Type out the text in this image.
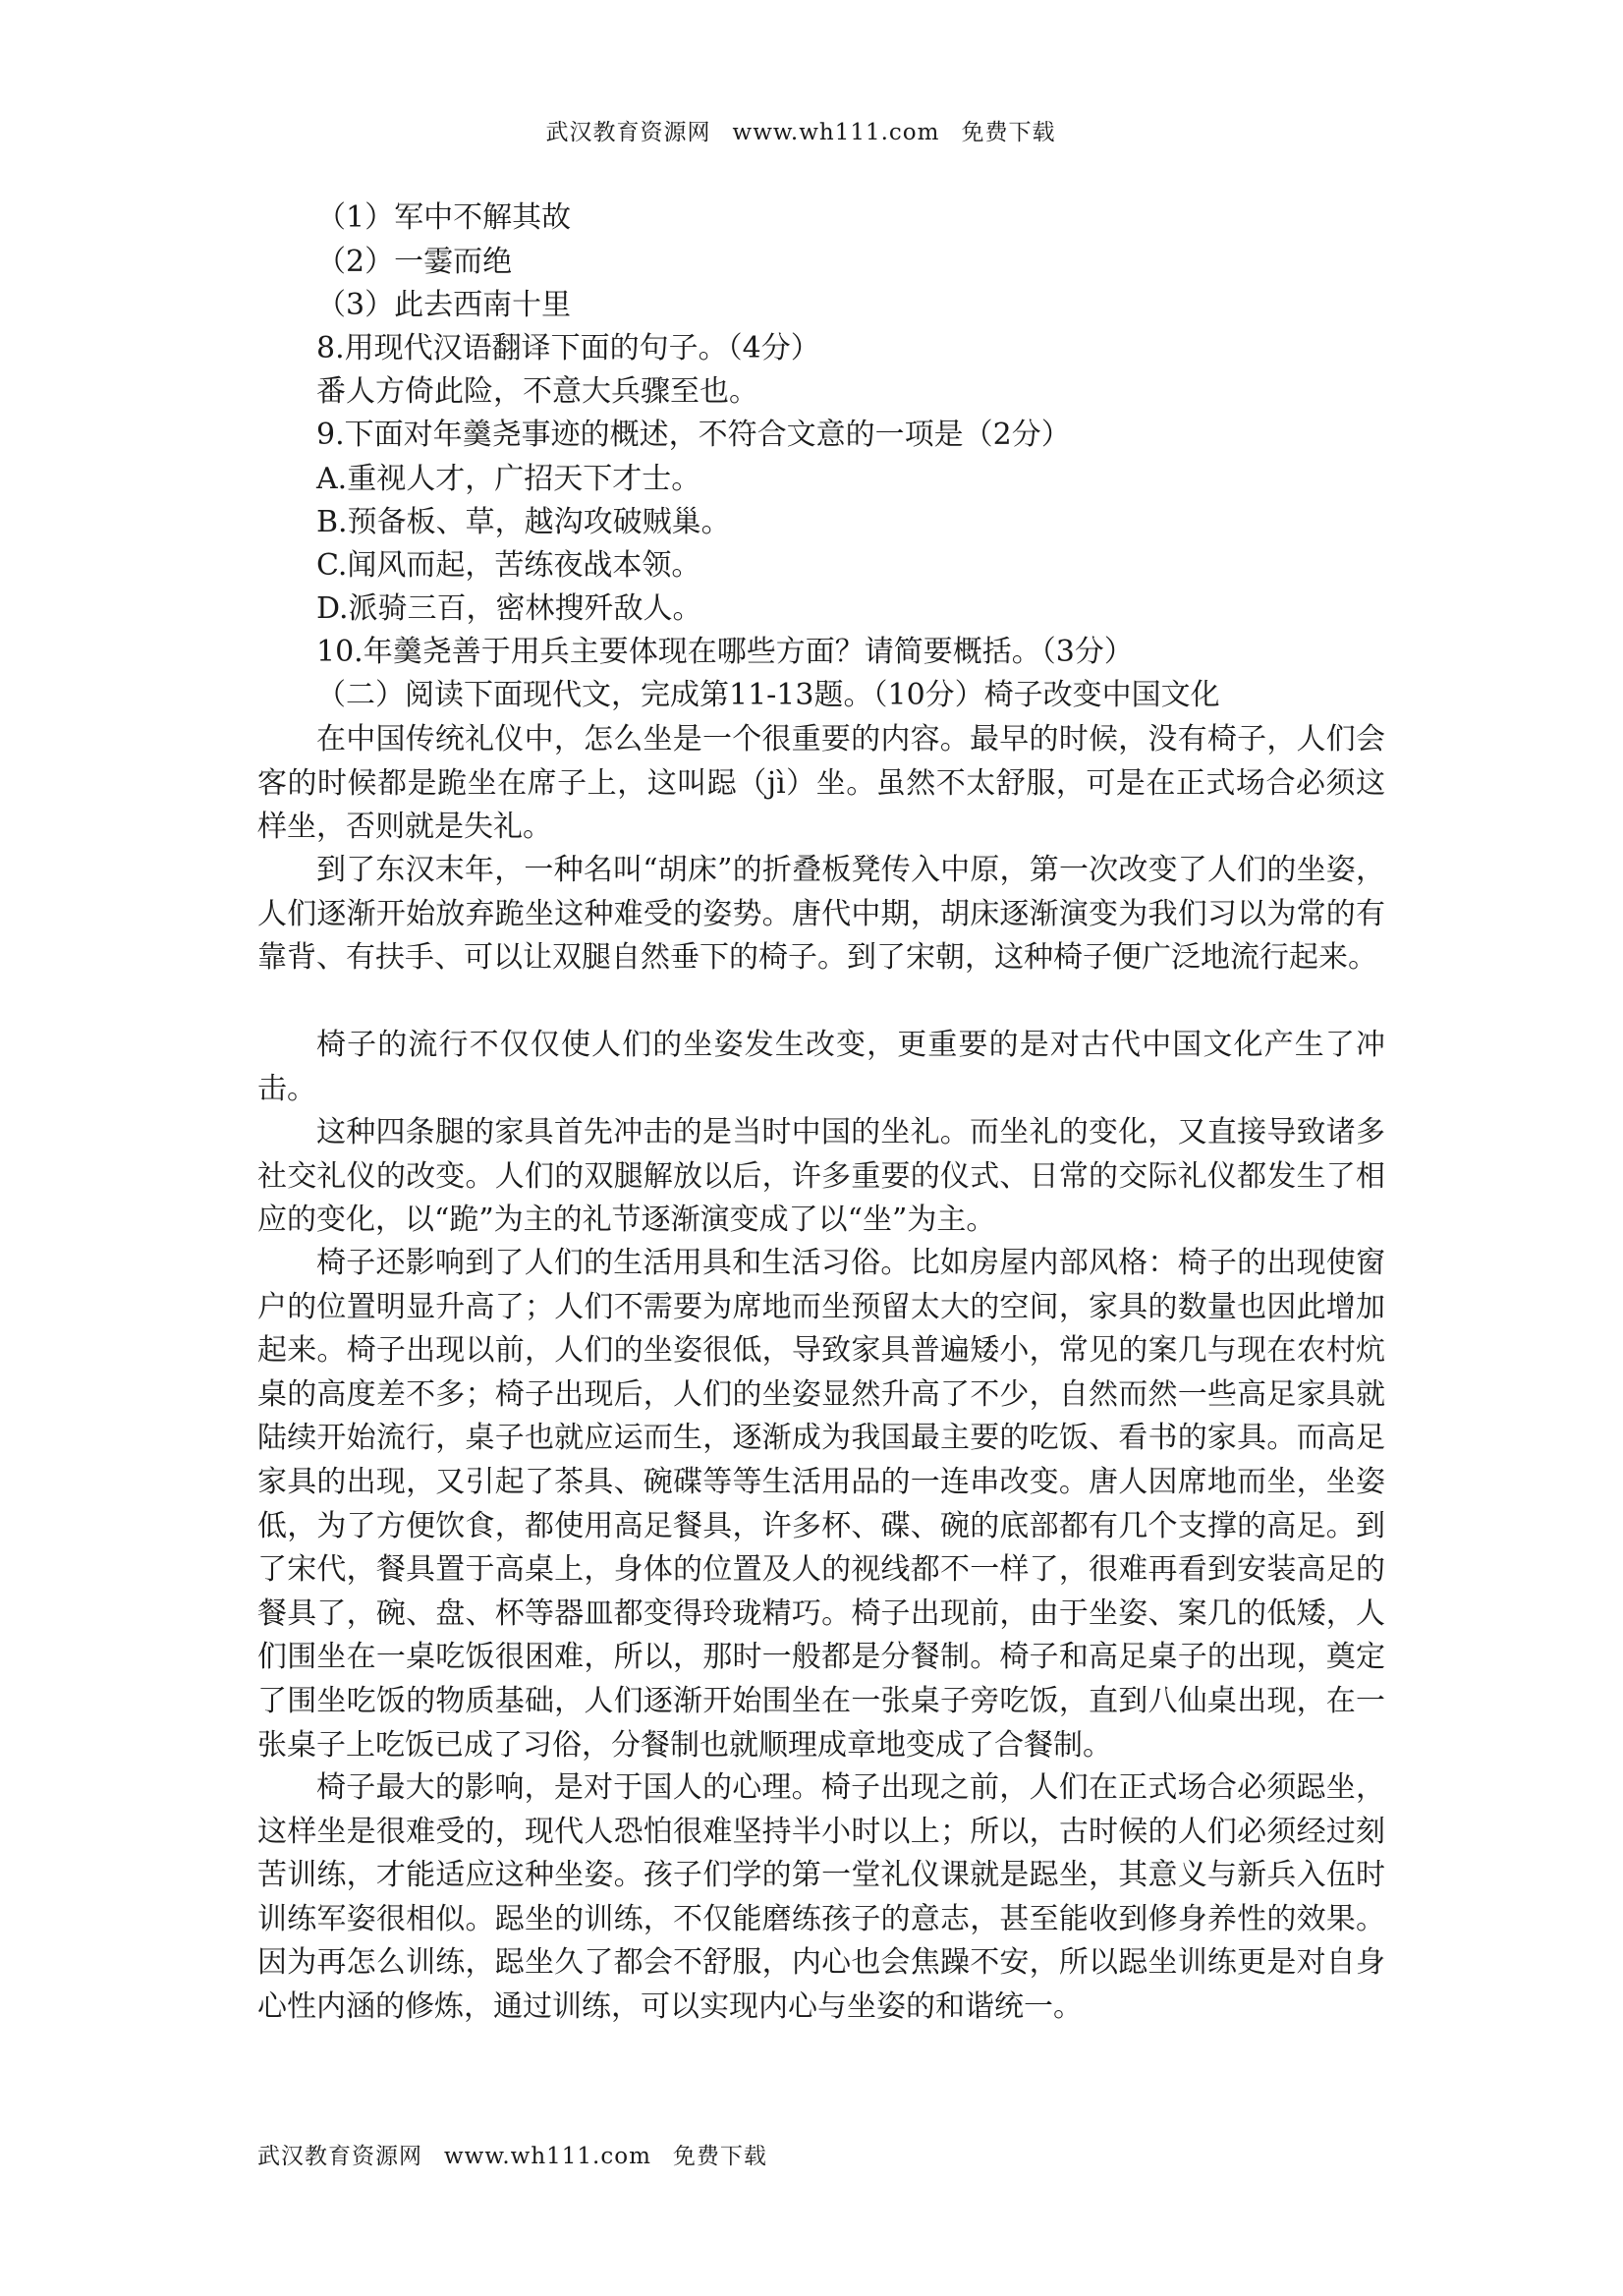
武汉教育资源网 www.wh111.com 免费下载
（1）军中不解其故
（2）一霎而绝
（3）此去西南十里
8.用现代汉语翻译下面的句子。（4分）
番人方倚此险，不意大兵骤至也。
9.下面对年羹尧事迹的概述，不符合文意的一项是（2分）
A.重视人才，广招天下才士。
B.预备板、草，越沟攻破贼巢。
C.闻风而起，苦练夜战本领。
D.派骑三百，密林搜歼敌人。
10.年羹尧善于用兵主要体现在哪些方面？请简要概括。（3分）
（二）阅读下面现代文，完成第11-13题。（10分）椅子改变中国文化
在中国传统礼仪中，怎么坐是一个很重要的内容。最早的时候，没有椅子，人们会客的时候都是跪坐在席子上，这叫跽（jì）坐。虽然不太舒服，可是在正式场合必须这样坐，否则就是失礼。
到了东汉末年，一种名叫“胡床”的折叠板凳传入中原，第一次改变了人们的坐姿，人们逐渐开始放弃跪坐这种难受的姿势。唐代中期，胡床逐渐演变为我们习以为常的有靠背、有扶手、可以让双腿自然垂下的椅子。到了宋朝，这种椅子便广泛地流行起来。
椅子的流行不仅仅使人们的坐姿发生改变，更重要的是对古代中国文化产生了冲击。
这种四条腿的家具首先冲击的是当时中国的坐礼。而坐礼的变化，又直接导致诸多社交礼仪的改变。人们的双腿解放以后，许多重要的仪式、日常的交际礼仪都发生了相应的变化，以“跪”为主的礼节逐渐演变成了以“坐”为主。
椅子还影响到了人们的生活用具和生活习俗。比如房屋内部风格：椅子的出现使窗户的位置明显升高了；人们不需要为席地而坐预留太大的空间，家具的数量也因此增加起来。椅子出现以前，人们的坐姿很低，导致家具普遍矮小，常见的案几与现在农村炕桌的高度差不多；椅子出现后，人们的坐姿显然升高了不少，自然而然一些高足家具就陆续开始流行，桌子也就应运而生，逐渐成为我国最主要的吃饭、看书的家具。而高足家具的出现，又引起了茶具、碗碟等等生活用品的一连串改变。唐人因席地而坐，坐姿低，为了方便饮食，都使用高足餐具，许多杯、碟、碗的底部都有几个支撑的高足。到了宋代，餐具置于高桌上，身体的位置及人的视线都不一样了，很难再看到安装高足的餐具了，碗、盘、杯等器皿都变得玲珑精巧。椅子出现前，由于坐姿、案几的低矮，人们围坐在一桌吃饭很困难，所以，那时一般都是分餐制。椅子和高足桌子的出现，奠定了围坐吃饭的物质基础，人们逐渐开始围坐在一张桌子旁吃饭，直到八仙桌出现，在一张桌子上吃饭已成了习俗，分餐制也就顺理成章地变成了合餐制。
椅子最大的影响，是对于国人的心理。椅子出现之前，人们在正式场合必须跽坐，这样坐是很难受的，现代人恐怕很难坚持半小时以上；所以，古时候的人们必须经过刻苦训练，才能适应这种坐姿。孩子们学的第一堂礼仪课就是跽坐，其意义与新兵入伍时训练军姿很相似。跽坐的训练，不仅能磨练孩子的意志，甚至能收到修身养性的效果。因为再怎么训练，跽坐久了都会不舒服，内心也会焦躁不安，所以跽坐训练更是对自身心性内涵的修炼，通过训练，可以实现内心与坐姿的和谐统一。
武汉教育资源网 www.wh111.com 免费下载
